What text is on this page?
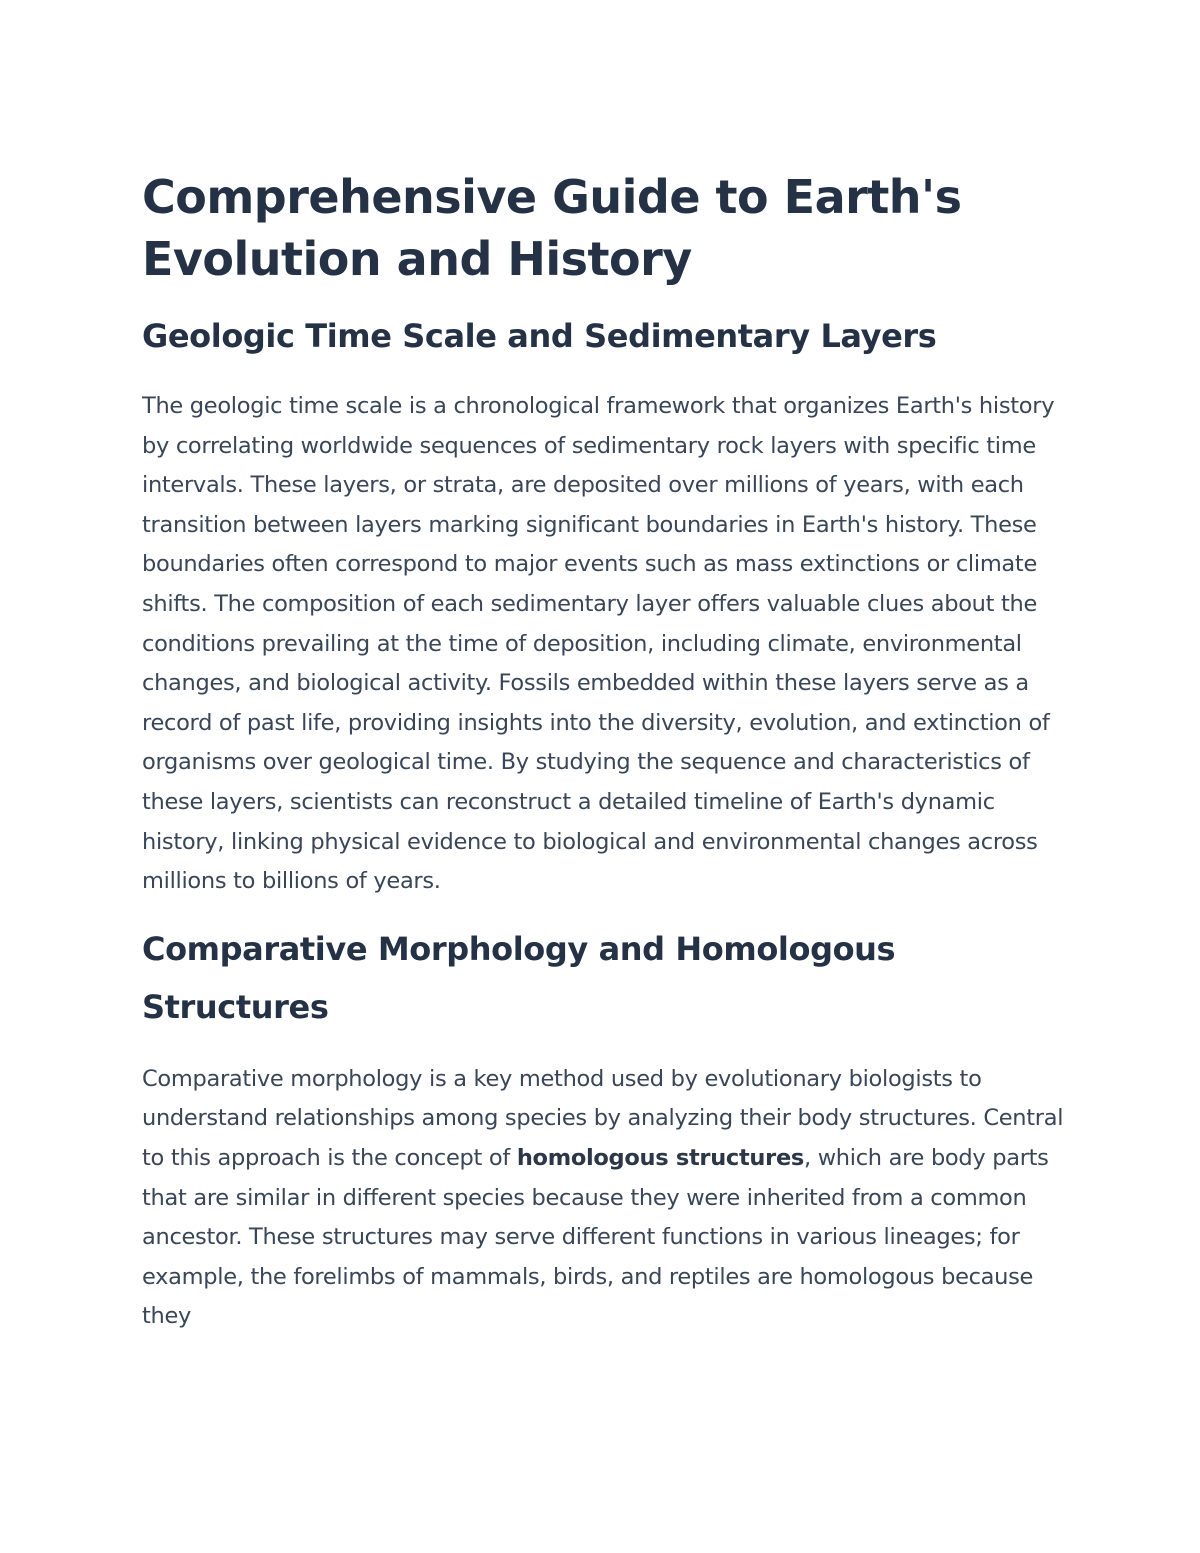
Comprehensive Guide to Earth's Evolution and History
Geologic Time Scale and Sedimentary Layers

The geologic time scale is a chronological framework that organizes Earth's history by correlating worldwide sequences of sedimentary rock layers with specific time intervals. These layers, or strata, are deposited over millions of years, with each transition between layers marking significant boundaries in Earth's history. These boundaries often correspond to major events such as mass extinctions or climate shifts. The composition of each sedimentary layer offers valuable clues about the conditions prevailing at the time of deposition, including climate, environmental changes, and biological activity. Fossils embedded within these layers serve as a record of past life, providing insights into the diversity, evolution, and extinction of organisms over geological time. By studying the sequence and characteristics of these layers, scientists can reconstruct a detailed timeline of Earth's dynamic history, linking physical evidence to biological and environmental changes across millions to billions of years.

Comparative Morphology and Homologous Structures

Comparative morphology is a key method used by evolutionary biologists to understand relationships among species by analyzing their body structures. Central to this approach is the concept of homologous structures, which are body parts that are similar in different species because they were inherited from a common ancestor. These structures may serve different functions in various lineages; for example, the forelimbs of mammals, birds, and reptiles are homologous because they
